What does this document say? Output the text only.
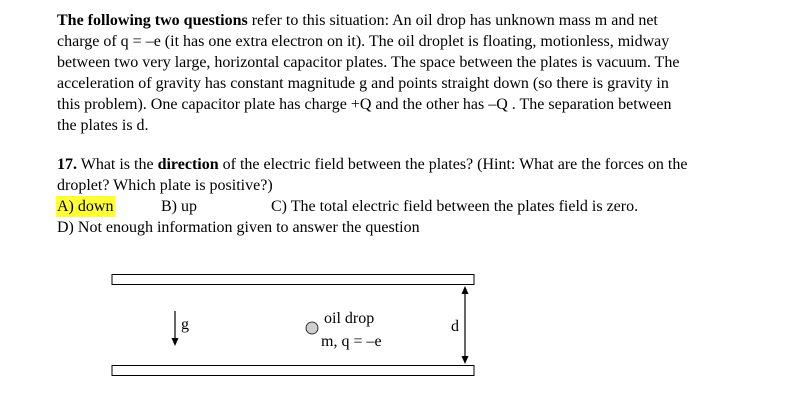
The following two questions refer to this situation: An oil drop has unknown mass m and net
charge of q = –e (it has one extra electron on it). The oil droplet is floating, motionless, midway
between two very large, horizontal capacitor plates. The space between the plates is vacuum. The
acceleration of gravity has constant magnitude g and points straight down (so there is gravity in
this problem). One capacitor plate has charge +Q and the other has –Q . The separation between
the plates is d.
17. What is the direction of the electric field between the plates? (Hint: What are the forces on the
droplet? Which plate is positive?)
A) down	B) up	C) The total electric field between the plates field is zero.
D) Not enough information given to answer the question
g	d
oil drop
m, q = –e
